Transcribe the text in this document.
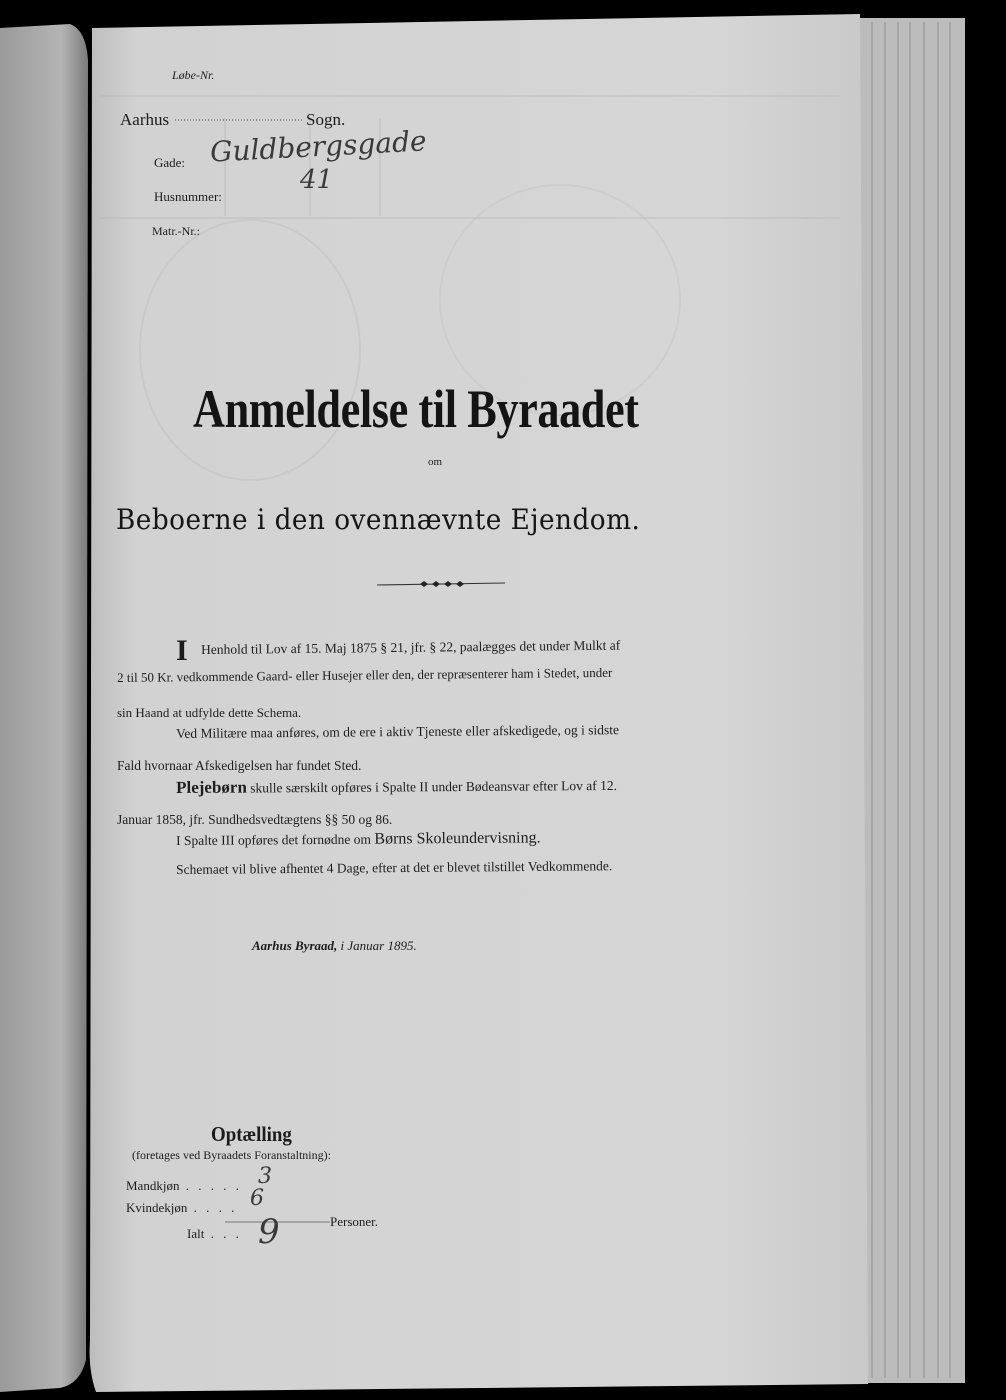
Løbe-Nr.
Aarhus	Sogn.
Gade: Guldbergsgade
Husnummer:
41
Matr.-Nr.:
Anmeldelse til Byraadet
om
Beboerne i den ovennævnte Ejendom.
I Henhold til Lov af 15. Maj 1875 § 21, jfr. § 22, paalægges det under Mulkt af
2 til 50 Kr. vedkommende Gaard- eller Husejer eller den, der repræsenterer ham i Stedet, under
sin Haand at udfylde dette Schema.
Ved Militære maa anføres, om de ere i aktiv Tjeneste eller afskedigede, og i sidste
Fald hvornaar Afskedigelsen har fundet Sted.
Plejebørn skulle særskilt opføres i Spalte II under Bødeansvar efter Lov af 12.
Januar 1858, jfr. Sundhedsvedtægtens §§ 50 og 86.
I Spalte III opføres det fornødne om Børns Skoleundervisning.
Schemaet vil blive afhentet 4 Dage, efter at det er blevet tilstillet Vedkommende.
Aarhus Byraad, i Januar 1895.
Optælling
(foretages ved Byraadets Foranstaltning):
Mandkjøn . . . . . 3
Kvindekjøn . . . . 6
Ialt . . . 9	Personer.
